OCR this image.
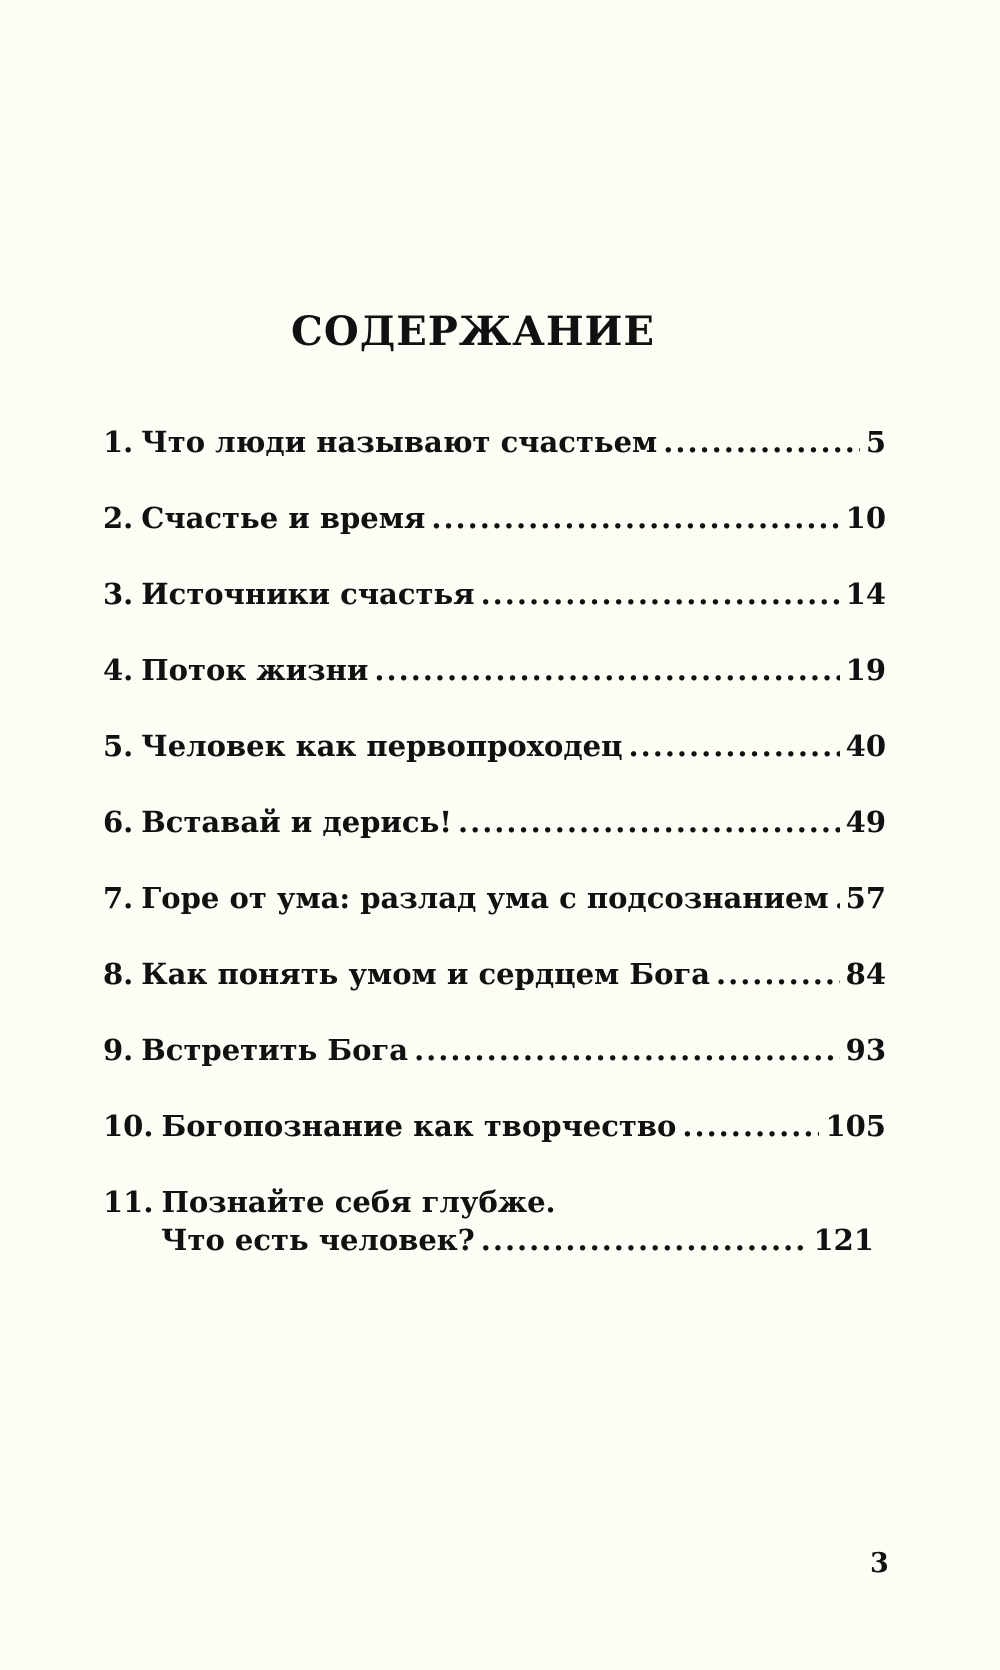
СОДЕРЖАНИЕ
1. Что люди называют счастьем .....	5
2. Счастье и время .....	10
3. Источники счастья .....	14
4. Поток жизни .....	19
5. Человек как первопроходец .....	40
6. Вставай и дерись! .....	49
7. Горе от ума: разлад ума с подсознанием ..... 57
8. Как понять умом и сердцем Бога .....	84
9. Встретить Бога .....	93
10. Богопознание как творчество .....	105
11. Познайте себя глубже.
Что есть человек? .....	121
3
